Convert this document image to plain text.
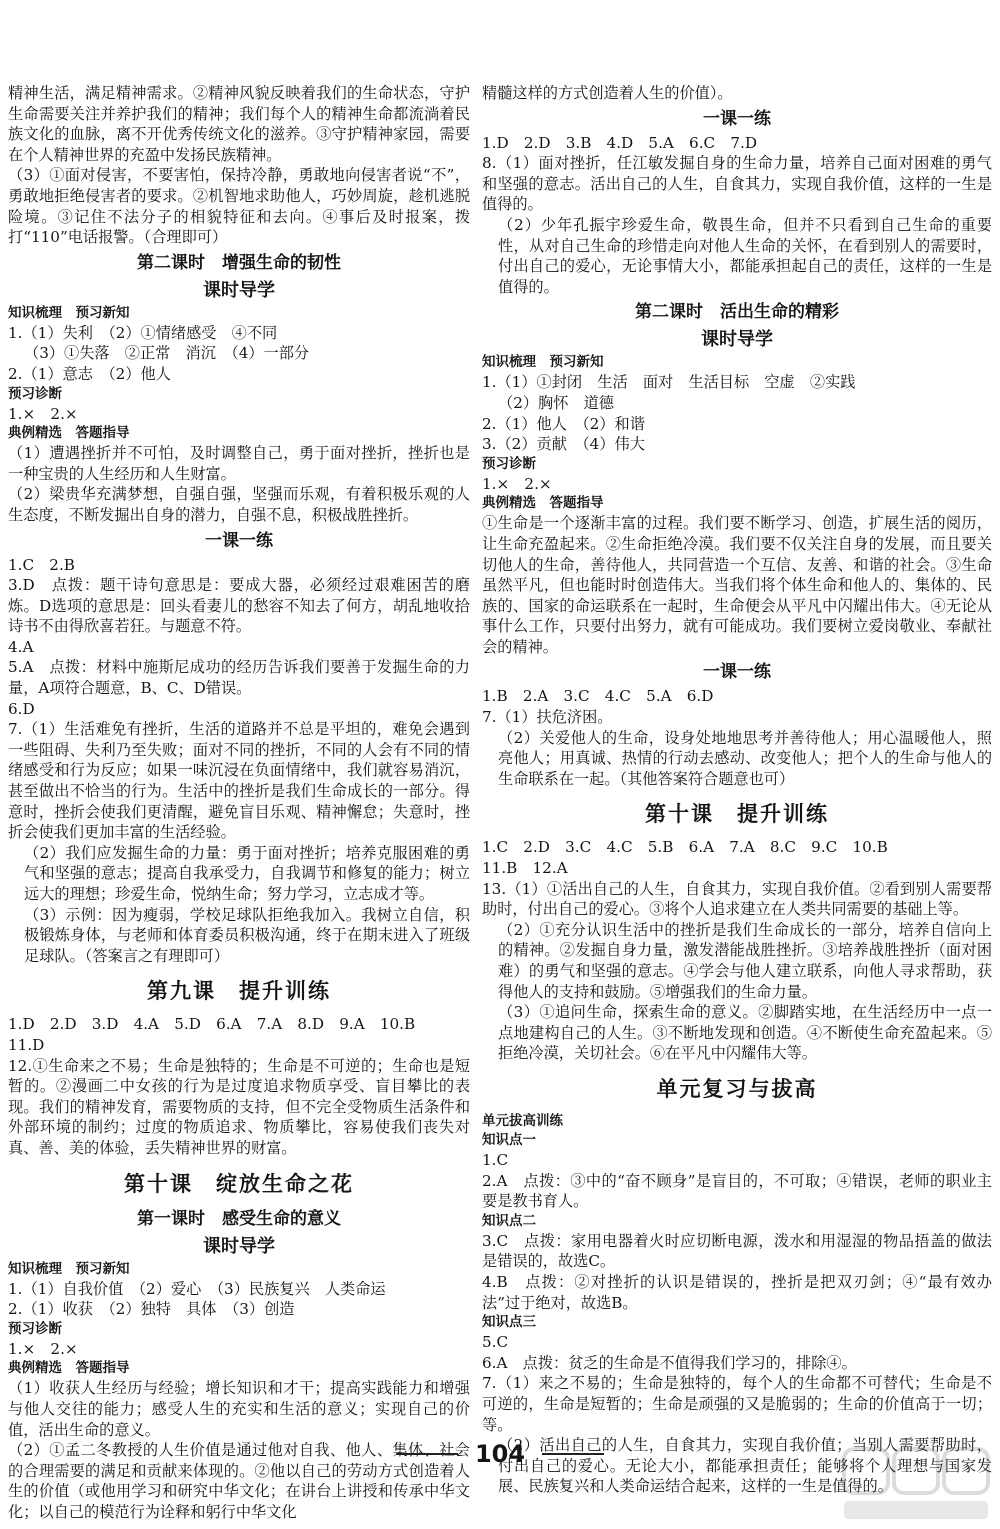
精神生活，满足精神需求。②精神风貌反映着我们的生命状态，守护生命需要关注并养护我们的精神；我们每个人的精神生命都流淌着民族文化的血脉，离不开优秀传统文化的滋养。③守护精神家园，需要在个人精神世界的充盈中发扬民族精神。
（3）①面对侵害，不要害怕，保持冷静，勇敢地向侵害者说“不”，勇敢地拒绝侵害者的要求。②机智地求助他人，巧妙周旋，趁机逃脱险境。③记住不法分子的相貌特征和去向。④事后及时报案，拨打“110”电话报警。（合理即可）
第二课时　增强生命的韧性
课时导学
知识梳理　预习新知
1.（1）失利　（2）①情绪感受　④不同
（3）①失落　②正常　消沉　（4）一部分
2.（1）意志　（2）他人
预习诊断
1.×　2.×
典例精选　答题指导
（1）遭遇挫折并不可怕，及时调整自己，勇于面对挫折，挫折也是一种宝贵的人生经历和人生财富。
（2）梁贵华充满梦想，自强自强，坚强而乐观，有着积极乐观的人生态度，不断发掘出自身的潜力，自强不息，积极战胜挫折。
一课一练
1.C　2.B
3.D　点拨：题干诗句意思是：要成大器，必须经过艰难困苦的磨炼。D选项的意思是：回头看妻儿的愁容不知去了何方，胡乱地收拾诗书不由得欣喜若狂。与题意不符。
4.A
5.A　点拨：材料中施斯尼成功的经历告诉我们要善于发掘生命的力量，A项符合题意，B、C、D错误。
6.D
7.（1）生活难免有挫折，生活的道路并不总是平坦的，难免会遇到一些阻碍、失利乃至失败；面对不同的挫折，不同的人会有不同的情绪感受和行为反应；如果一味沉浸在负面情绪中，我们就容易消沉，甚至做出不恰当的行为。生活中的挫折是我们生命成长的一部分。得意时，挫折会使我们更清醒，避免盲目乐观、精神懈怠；失意时，挫折会使我们更加丰富的生活经验。
（2）我们应发掘生命的力量：勇于面对挫折；培养克服困难的勇气和坚强的意志；提高自我承受力，自我调节和修复的能力；树立远大的理想；珍爱生命，悦纳生命；努力学习，立志成才等。
（3）示例：因为瘦弱，学校足球队拒绝我加入。我树立自信，积极锻炼身体，与老师和体育委员积极沟通，终于在期末进入了班级足球队。（答案言之有理即可）
第九课　提升训练
1.D　2.D　3.D　4.A　5.D　6.A　7.A　8.D　9.A　10.B
11.D
12.①生命来之不易；生命是独特的；生命是不可逆的；生命也是短暂的。②漫画二中女孩的行为是过度追求物质享受、盲目攀比的表现。我们的精神发育，需要物质的支持，但不完全受物质生活条件和外部环境的制约；过度的物质追求、物质攀比，容易使我们丧失对真、善、美的体验，丢失精神世界的财富。
第十课　绽放生命之花
第一课时　感受生命的意义
课时导学
知识梳理　预习新知
1.（1）自我价值　（2）爱心　（3）民族复兴　人类命运
2.（1）收获　（2）独特　具体　（3）创造
预习诊断
1.×　2.×
典例精选　答题指导
（1）收获人生经历与经验；增长知识和才干；提高实践能力和增强与他人交往的能力；感受人生的充实和生活的意义；实现自己的价值，活出生命的意义。
（2）①孟二冬教授的人生价值是通过他对自我、他人、集体、社会的合理需要的满足和贡献来体现的。②他以自己的劳动方式创造着人生的价值（或他用学习和研究中华文化；在讲台上讲授和传承中华文化；以自己的模范行为诠释和躬行中华文化
精髓这样的方式创造着人生的价值）。
一课一练
1.D　2.D　3.B　4.D　5.A　6.C　7.D
8.（1）面对挫折，任江敏发掘自身的生命力量，培养自己面对困难的勇气和坚强的意志。活出自己的人生，自食其力，实现自我价值，这样的一生是值得的。
（2）少年孔振宇珍爱生命，敬畏生命，但并不只看到自己生命的重要性，从对自己生命的珍惜走向对他人生命的关怀，在看到别人的需要时，付出自己的爱心，无论事情大小，都能承担起自己的责任，这样的一生是值得的。
第二课时　活出生命的精彩
课时导学
知识梳理　预习新知
1.（1）①封闭　生活　面对　生活目标　空虚　②实践
（2）胸怀　道德
2.（1）他人　（2）和谐
3.（2）贡献　（4）伟大
预习诊断
1.×　2.×
典例精选　答题指导
①生命是一个逐渐丰富的过程。我们要不断学习、创造，扩展生活的阅历，让生命充盈起来。②生命拒绝冷漠。我们要不仅关注自身的发展，而且要关切他人的生命，善待他人，共同营造一个互信、友善、和谐的社会。③生命虽然平凡，但也能时时创造伟大。当我们将个体生命和他人的、集体的、民族的、国家的命运联系在一起时，生命便会从平凡中闪耀出伟大。④无论从事什么工作，只要付出努力，就有可能成功。我们要树立爱岗敬业、奉献社会的精神。
一课一练
1.B　2.A　3.C　4.C　5.A　6.D
7.（1）扶危济困。
（2）关爱他人的生命，设身处地地思考并善待他人；用心温暖他人，照亮他人；用真诚、热情的行动去感动、改变他人；把个人的生命与他人的生命联系在一起。（其他答案符合题意也可）
第十课　提升训练
1.C　2.D　3.C　4.C　5.B　6.A　7.A　8.C　9.C　10.B
11.B　12.A
13.（1）①活出自己的人生，自食其力，实现自我价值。②看到别人需要帮助时，付出自己的爱心。③将个人追求建立在人类共同需要的基础上等。
（2）①充分认识生活中的挫折是我们生命成长的一部分，培养自信向上的精神。②发掘自身力量，激发潜能战胜挫折。③培养战胜挫折（面对困难）的勇气和坚强的意志。④学会与他人建立联系，向他人寻求帮助，获得他人的支持和鼓励。⑤增强我们的生命力量。
（3）①追问生命，探索生命的意义。②脚踏实地，在生活经历中一点一点地建构自己的人生。③不断地发现和创造。④不断使生命充盈起来。⑤拒绝冷漠，关切社会。⑥在平凡中闪耀伟大等。
单元复习与拔高
单元拔高训练
知识点一
1.C
2.A　点拨：③中的“奋不顾身”是盲目的，不可取；④错误，老师的职业主要是教书育人。
知识点二
3.C　点拨：家用电器着火时应切断电源，泼水和用湿湿的物品捂盖的做法是错误的，故选C。
4.B　点拨：②对挫折的认识是错误的，挫折是把双刃剑；④“最有效办法”过于绝对，故选B。
知识点三
5.C
6.A　点拨：贫乏的生命是不值得我们学习的，排除④。
7.（1）来之不易的；生命是独特的，每个人的生命都不可替代；生命是不可逆的，生命是短暂的；生命是顽强的又是脆弱的；生命的价值高于一切；等。
（2）活出自己的人生，自食其力，实现自我价值；当别人需要帮助时，付出自己的爱心。无论大小，都能承担责任；能够将个人理想与国家发展、民族复兴和人类命运结合起来，这样的一生是值得的。
104
